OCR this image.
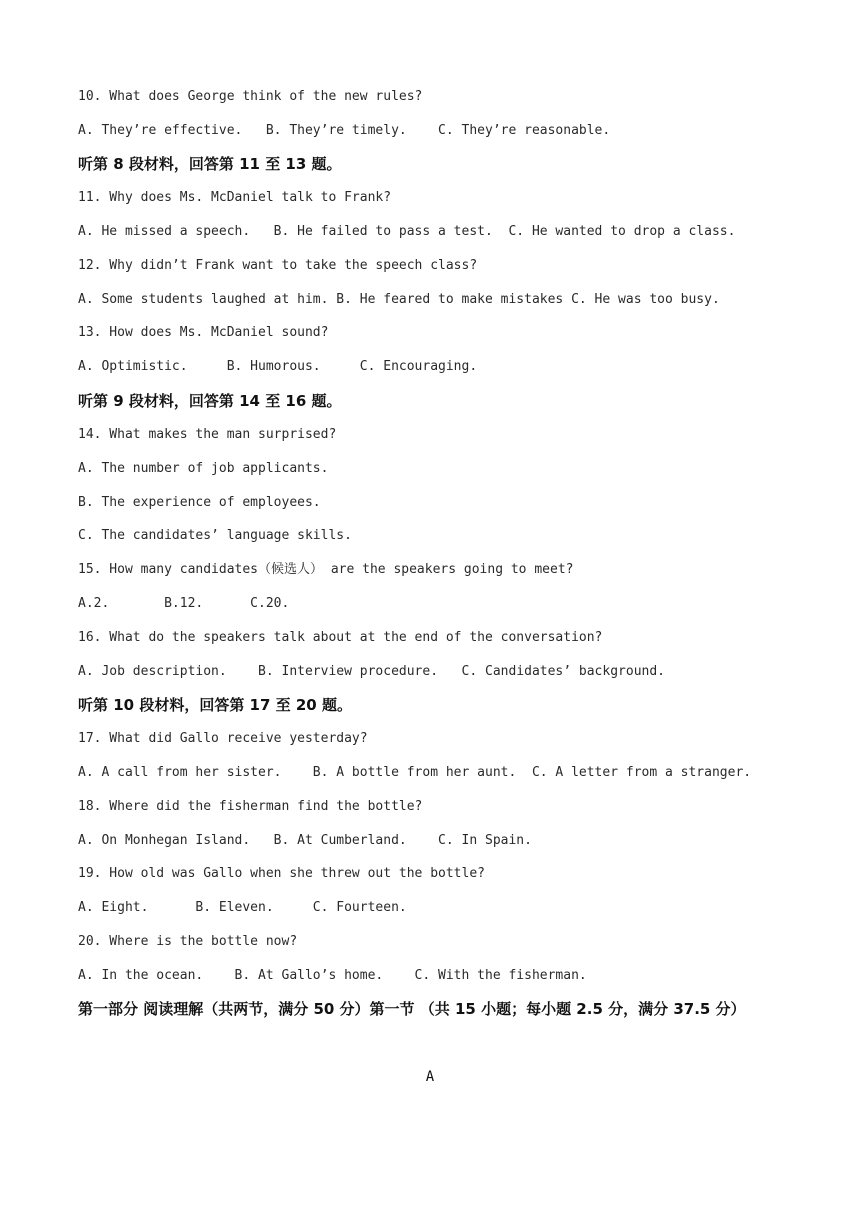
10. What does George think of the new rules?
A. They’re effective.   B. They’re timely.    C. They’re reasonable.
听第 8 段材料，回答第 11 至 13 题。
11. Why does Ms. McDaniel talk to Frank?
A. He missed a speech.   B. He failed to pass a test.  C. He wanted to drop a class.
12. Why didn’t Frank want to take the speech class?
A. Some students laughed at him. B. He feared to make mistakes C. He was too busy.
13. How does Ms. McDaniel sound?
A. Optimistic.     B. Humorous.     C. Encouraging.
听第 9 段材料，回答第 14 至 16 题。
14. What makes the man surprised?
A. The number of job applicants.
B. The experience of employees.
C. The candidates’ language skills.
15. How many candidates（候选人） are the speakers going to meet?
A.2.       B.12.      C.20.
16. What do the speakers talk about at the end of the conversation?
A. Job description.    B. Interview procedure.   C. Candidates’ background.
听第 10 段材料，回答第 17 至 20 题。
17. What did Gallo receive yesterday?
A. A call from her sister.    B. A bottle from her aunt.  C. A letter from a stranger.
18. Where did the fisherman find the bottle?
A. On Monhegan Island.   B. At Cumberland.    C. In Spain.
19. How old was Gallo when she threw out the bottle?
A. Eight.      B. Eleven.     C. Fourteen.
20. Where is the bottle now?
A. In the ocean.    B. At Gallo’s home.    C. With the fisherman.
第一部分 阅读理解（共两节，满分 50 分）第一节 （共 15 小题；每小题 2.5 分，满分 37.5 分）
A
